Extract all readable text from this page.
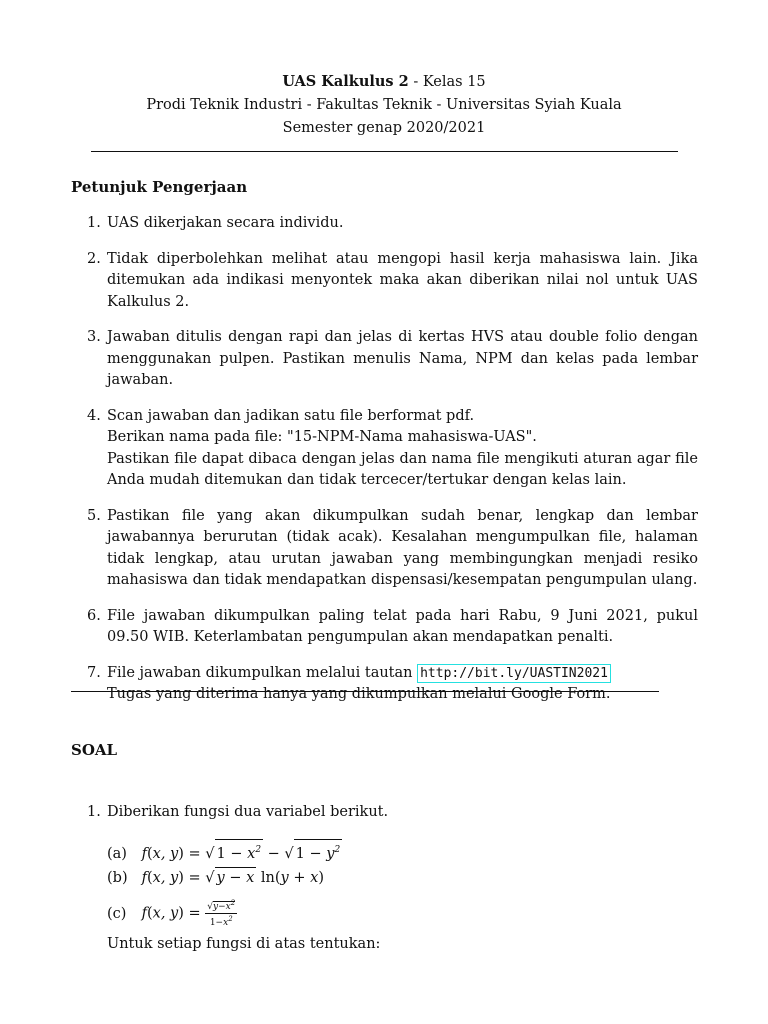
UAS Kalkulus 2 - Kelas 15
Prodi Teknik Industri - Fakultas Teknik - Universitas Syiah Kuala
Semester genap 2020/2021
Petunjuk Pengerjaan
1. UAS dikerjakan secara individu.
2. Tidak diperbolehkan melihat atau mengopi hasil kerja mahasiswa lain. Jika ditemukan ada indikasi menyontek maka akan diberikan nilai nol untuk UAS Kalkulus 2.
3. Jawaban ditulis dengan rapi dan jelas di kertas HVS atau double folio dengan menggunakan pulpen. Pastikan menulis Nama, NPM dan kelas pada lembar jawaban.
4. Scan jawaban dan jadikan satu file berformat pdf.
Berikan nama pada file: "15-NPM-Nama mahasiswa-UAS".
Pastikan file dapat dibaca dengan jelas dan nama file mengikuti aturan agar file Anda mudah ditemukan dan tidak tercecer/tertukar dengan kelas lain.
5. Pastikan file yang akan dikumpulkan sudah benar, lengkap dan lembar jawabannya berurutan (tidak acak). Kesalahan mengumpulkan file, halaman tidak lengkap, atau urutan jawaban yang membingungkan menjadi resiko mahasiswa dan tidak mendapatkan dispensasi/kesempatan pengumpulan ulang.
6. File jawaban dikumpulkan paling telat pada hari Rabu, 9 Juni 2021, pukul 09.50 WIB. Keterlambatan pengumpulan akan mendapatkan penalti.
7. File jawaban dikumpulkan melalui tautan http://bit.ly/UASTIN2021
Tugas yang diterima hanya yang dikumpulkan melalui Google Form.
SOAL
1. Diberikan fungsi dua variabel berikut.
(a) f(x, y) = √ $1 - x^2$ − √ $1 - y^2$
(b) f(x, y) = √ y − x ln(y + x)
(c) f(x, $y) = \frac{√y-x^2}{1-x^2}$
Untuk setiap fungsi di atas tentukan:
